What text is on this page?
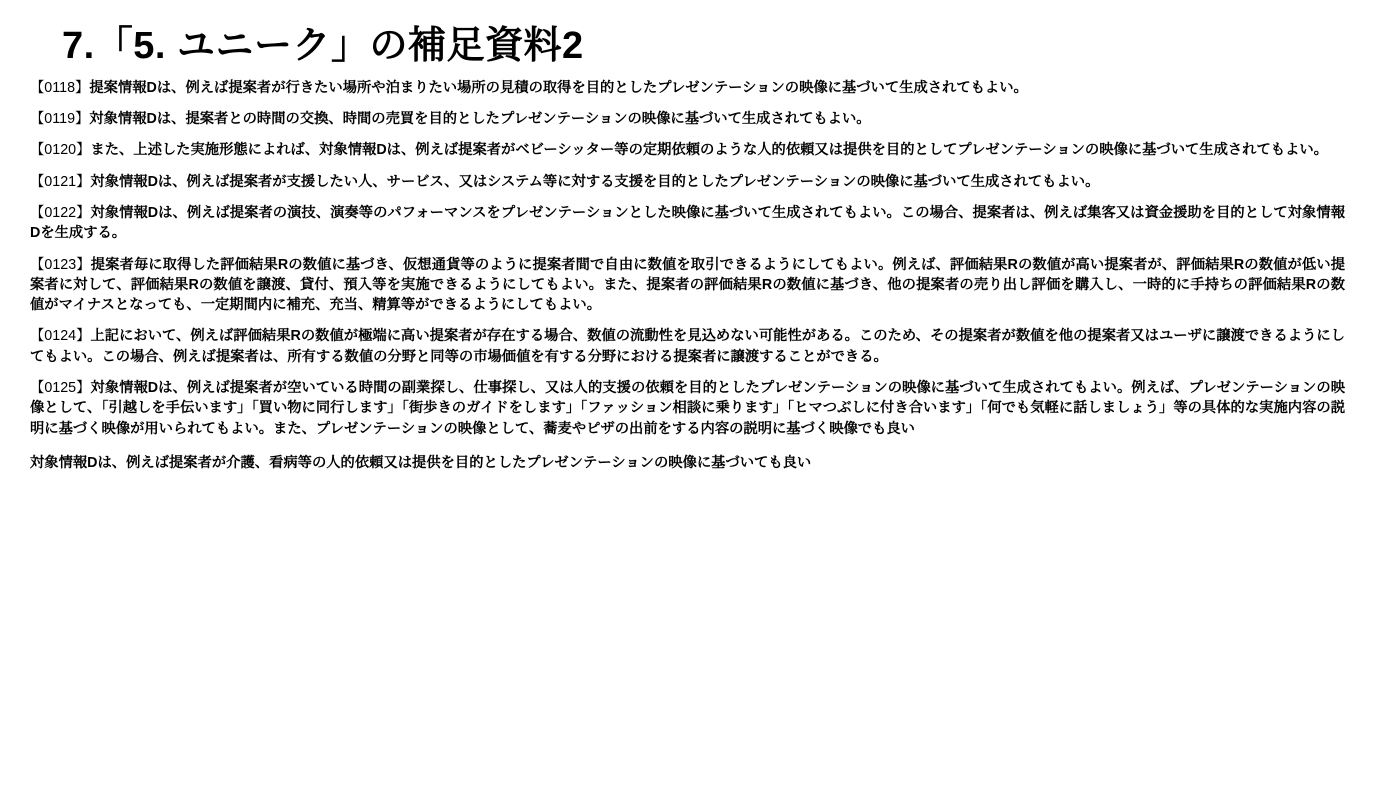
7.「5. ユニーク」の補足資料2

【0118】提案情報Dは、例えば提案者が行きたい場所や泊まりたい場所の見積の取得を目的としたプレゼンテーションの映像に基づいて生成されてもよい。

【0119】対象情報Dは、提案者との時間の交換、時間の売買を目的としたプレゼンテーションの映像に基づいて生成されてもよい。

【0120】また、上述した実施形態によれば、対象情報Dは、例えば提案者がベビーシッター等の定期依頼のような人的依頼又は提供を目的としてプレゼンテーションの映像に基づいて生成されてもよい。

【0121】対象情報Dは、例えば提案者が支援したい人、サービス、又はシステム等に対する支援を目的としたプレゼンテーションの映像に基づいて生成されてもよい。

【0122】対象情報Dは、例えば提案者の演技、演奏等のパフォーマンスをプレゼンテーションとした映像に基づいて生成されてもよい。この場合、提案者は、例えば集客又は資金援助を目的として対象情報Dを生成する。

【0123】提案者毎に取得した評価結果Rの数値に基づき、仮想通貨等のように提案者間で自由に数値を取引できるようにしてもよい。例えば、評価結果Rの数値が高い提案者が、評価結果Rの数値が低い提案者に対して、評価結果Rの数値を譲渡、貸付、預入等を実施できるようにしてもよい。また、提案者の評価結果Rの数値に基づき、他の提案者の売り出し評価を購入し、一時的に手持ちの評価結果Rの数値がマイナスとなっても、一定期間内に補充、充当、精算等ができるようにしてもよい。

【0124】上記において、例えば評価結果Rの数値が極端に高い提案者が存在する場合、数値の流動性を見込めない可能性がある。このため、その提案者が数値を他の提案者又はユーザに譲渡できるようにしてもよい。この場合、例えば提案者は、所有する数値の分野と同等の市場価値を有する分野における提案者に譲渡することができる。

【0125】対象情報Dは、例えば提案者が空いている時間の副業探し、仕事探し、又は人的支援の依頼を目的としたプレゼンテーションの映像に基づいて生成されてもよい。例えば、プレゼンテーションの映像として、「引越しを手伝います」「買い物に同行します」「街歩きのガイドをします」「ファッション相談に乗ります」「ヒマつぶしに付き合います」「何でも気軽に話しましょう」等の具体的な実施内容の説明に基づく映像が用いられてもよい。また、プレゼンテーションの映像として、蕎麦やピザの出前をする内容の説明に基づく映像でも良い

対象情報Dは、例えば提案者が介護、看病等の人的依頼又は提供を目的としたプレゼンテーションの映像に基づいても良い
